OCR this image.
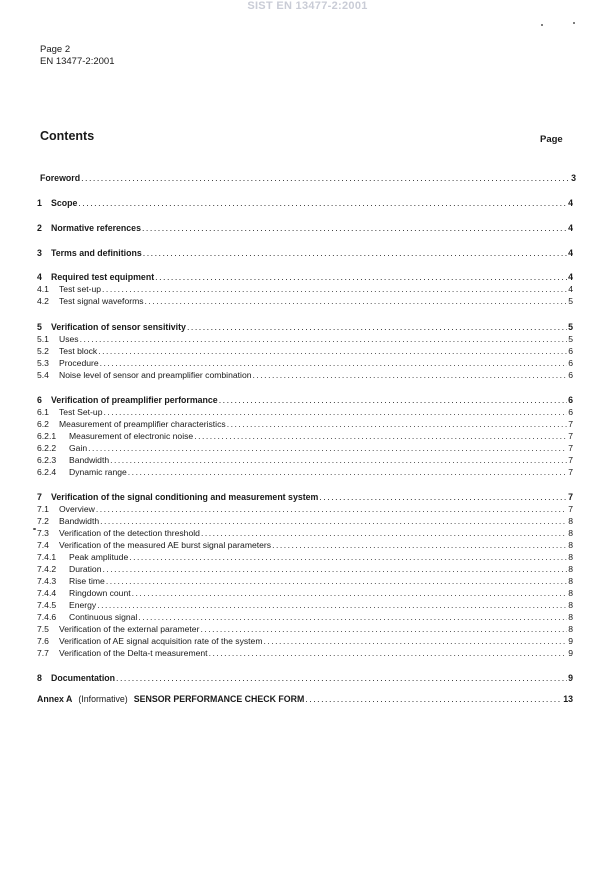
SIST EN 13477-2:2001
Page 2
EN 13477-2:2001
Contents	Page
Foreword .....	3
1	Scope .....	4
2	Normative references .....	4
3	Terms and definitions .....	4
4	Required test equipment .....	4
4.1	Test set-up .....	4
4.2	Test signal waveforms .....	5
5	Verification of sensor sensitivity .....	5
5.1	Uses .....	5
5.2	Test block .....	6
5.3	Procedure .....	6
5.4	Noise level of sensor and preamplifier combination .....	6
6	Verification of preamplifier performance .....	6
6.1	Test Set-up .....	6
6.2	Measurement of preamplifier characteristics .....	7
6.2.1	Measurement of electronic noise .....	7
6.2.2	Gain .....	7
6.2.3	Bandwidth .....	7
6.2.4	Dynamic range .....	7
7	Verification of the signal conditioning and measurement system .....	7
7.1	Overview .....	7
7.2	Bandwidth .....	8
7.3	Verification of the detection threshold .....	8
7.4	Verification of the measured AE burst signal parameters .....	8
7.4.1	Peak amplitude .....	8
7.4.2	Duration .....	8
7.4.3	Rise time .....	8
7.4.4	Ringdown count .....	8
7.4.5	Energy .....	8
7.4.6	Continuous signal .....	8
7.5	Verification of the external parameter .....	8
7.6	Verification of AE signal acquisition rate of the system .....	9
7.7	Verification of the Delta-t measurement .....	9
8	Documentation .....	9
Annex A (Informative) SENSOR PERFORMANCE CHECK FORM .....	13
